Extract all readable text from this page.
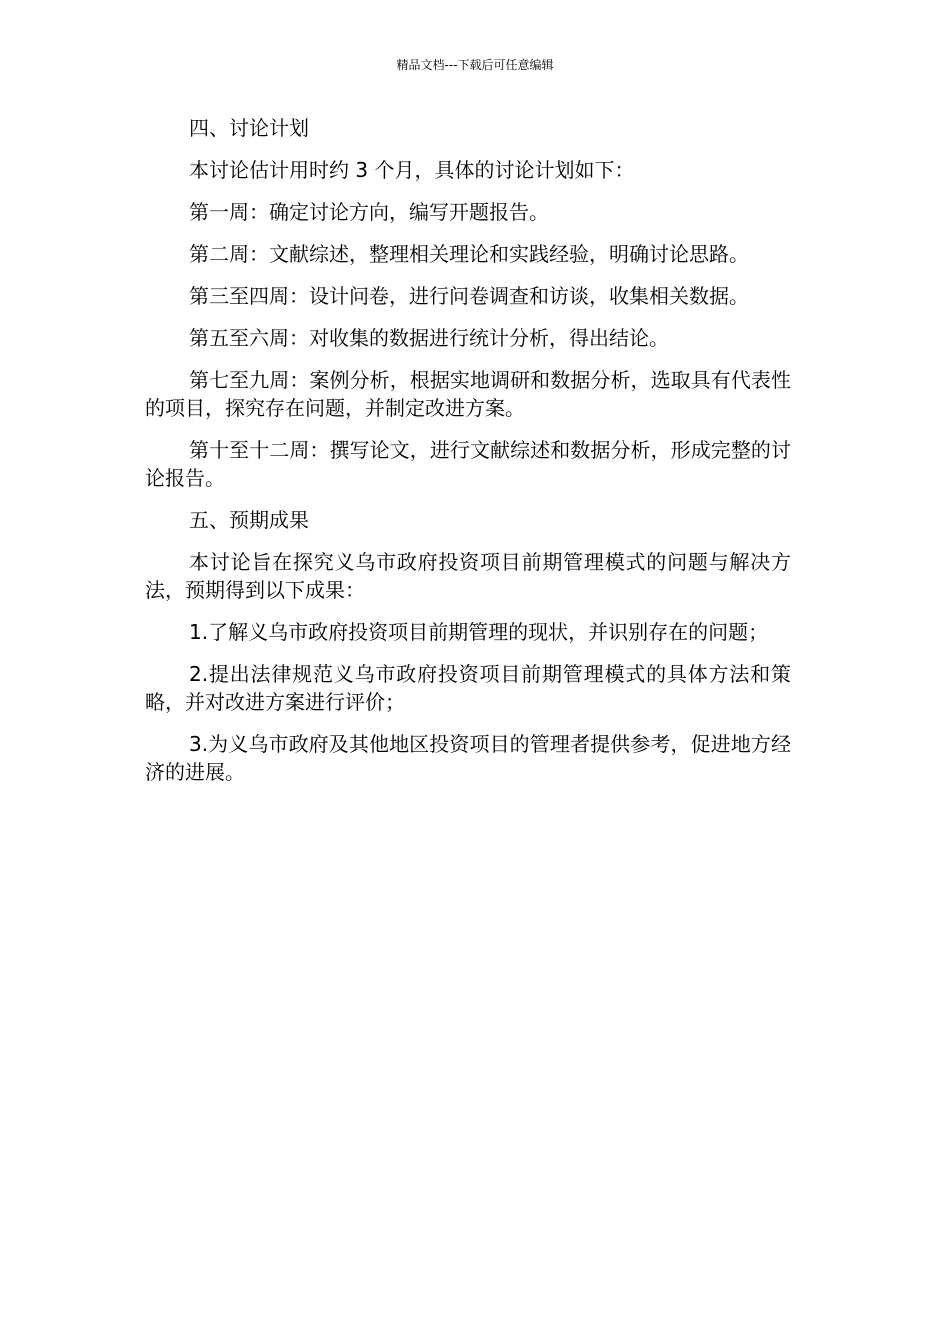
精品文档---下载后可任意编辑

四、讨论计划

本讨论估计用时约 3 个月，具体的讨论计划如下：

第一周：确定讨论方向，编写开题报告。

第二周：文献综述，整理相关理论和实践经验，明确讨论思路。

第三至四周：设计问卷，进行问卷调查和访谈，收集相关数据。

第五至六周：对收集的数据进行统计分析，得出结论。

第七至九周：案例分析，根据实地调研和数据分析，选取具有代表性的项目，探究存在问题，并制定改进方案。

第十至十二周：撰写论文，进行文献综述和数据分析，形成完整的讨论报告。

五、预期成果

本讨论旨在探究义乌市政府投资项目前期管理模式的问题与解决方法，预期得到以下成果：

1.了解义乌市政府投资项目前期管理的现状，并识别存在的问题；

2.提出法律规范义乌市政府投资项目前期管理模式的具体方法和策略，并对改进方案进行评价；

3.为义乌市政府及其他地区投资项目的管理者提供参考，促进地方经济的进展。
